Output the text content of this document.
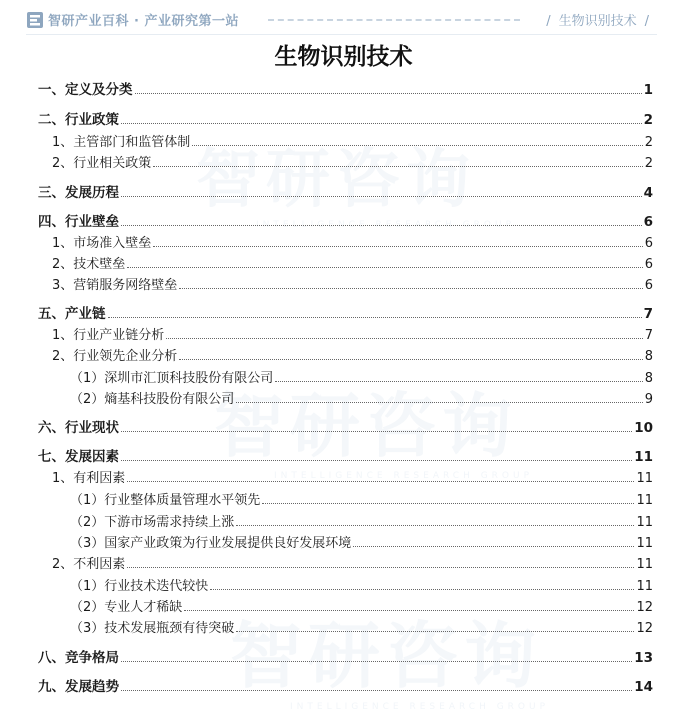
智研产业百科 · 产业研究第一站	/ 生物识别技术 /
智研咨询
INTELLIGENCE RESEARCH GROUP
智研咨询
INTELLIGENCE RESEARCH GROUP
智研咨询
INTELLIGENCE RESEARCH GROUP
生物识别技术
一、定义及分类	1
二、行业政策	2
1、主管部门和监管体制	2
2、行业相关政策	2
三、发展历程	4
四、行业壁垒	6
1、市场准入壁垒	6
2、技术壁垒	6
3、营销服务网络壁垒	6
五、产业链	7
1、行业产业链分析	7
2、行业领先企业分析	8
（1）深圳市汇顶科技股份有限公司	8
（2）熵基科技股份有限公司	9
六、行业现状	10
七、发展因素	11
1、有利因素	11
（1）行业整体质量管理水平领先	11
（2）下游市场需求持续上涨	11
（3）国家产业政策为行业发展提供良好发展环境	11
2、不利因素	11
（1）行业技术迭代较快	11
（2）专业人才稀缺	12
（3）技术发展瓶颈有待突破	12
八、竞争格局	13
九、发展趋势	14
